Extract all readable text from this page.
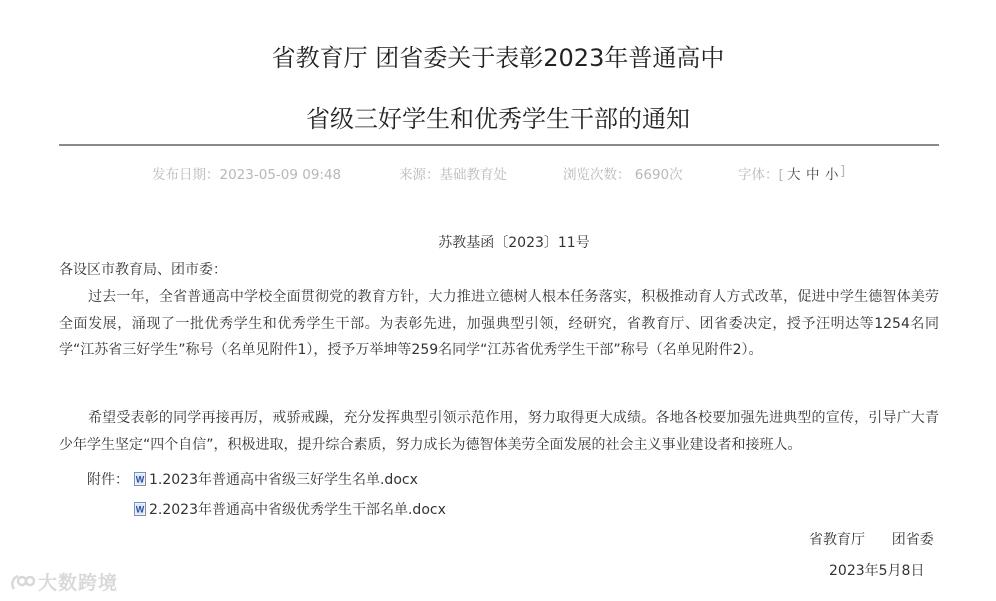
省教育厅 团省委关于表彰2023年普通高中
省级三好学生和优秀学生干部的通知
发布日期：2023-05-09 09:48	来源：基础教育处	浏览次数： 6690次	字体：[ 大 中 小 ]
苏教基函〔2023〕11号
各设区市教育局、团市委：
过去一年，全省普通高中学校全面贯彻党的教育方针，大力推进立德树人根本任务落实，积极推动育人方式改革，促进中学生德智体美劳全面发展，涌现了一批优秀学生和优秀学生干部。为表彰先进，加强典型引领，经研究，省教育厅、团省委决定，授予汪明达等1254名同学“江苏省三好学生”称号（名单见附件1），授予万举坤等259名同学“江苏省优秀学生干部”称号（名单见附件2）。
希望受表彰的同学再接再厉，戒骄戒躁，充分发挥典型引领示范作用，努力取得更大成绩。各地各校要加强先进典型的宣传，引导广大青少年学生坚定“四个自信”，积极进取，提升综合素质，努力成长为德智体美劳全面发展的社会主义事业建设者和接班人。
附件： W 1.2023年普通高中省级三好学生名单.docx
W 2.2023年普通高中省级优秀学生干部名单.docx
省教育厅      团省委
2023年5月8日
大数跨境
